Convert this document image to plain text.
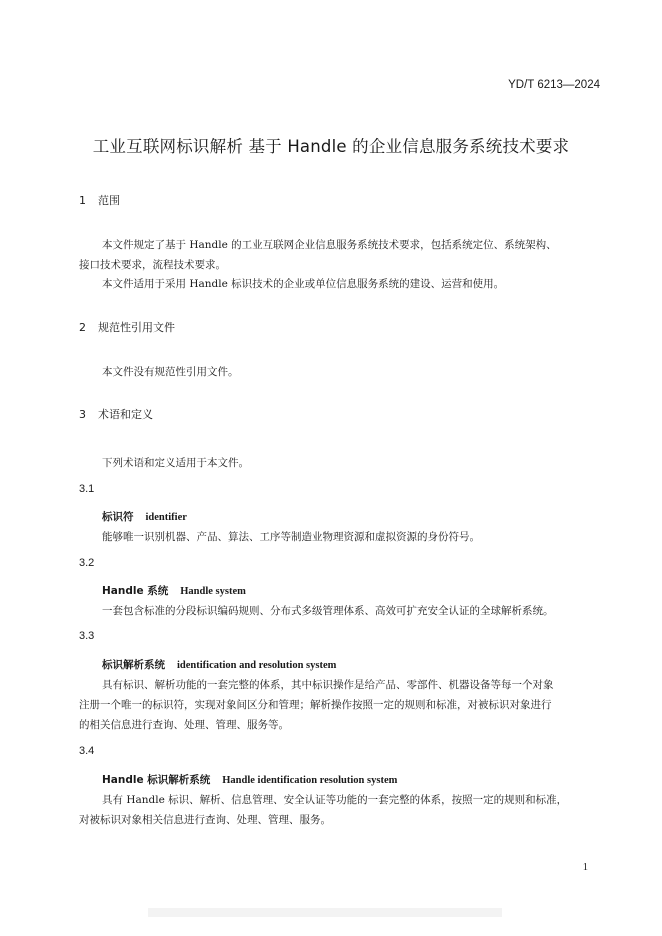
YD/T 6213—2024
工业互联网标识解析 基于 Handle 的企业信息服务系统技术要求
1 范围
本文件规定了基于 Handle 的工业互联网企业信息服务系统技术要求，包括系统定位、系统架构、
接口技术要求，流程技术要求。
本文件适用于采用 Handle 标识技术的企业或单位信息服务系统的建设、运营和使用。
2 规范性引用文件
本文件没有规范性引用文件。
3 术语和定义
下列术语和定义适用于本文件。
3.1
标识符 identifier
能够唯一识别机器、产品、算法、工序等制造业物理资源和虚拟资源的身份符号。
3.2
Handle 系统 Handle system
一套包含标准的分段标识编码规则、分布式多级管理体系、高效可扩充安全认证的全球解析系统。
3.3
标识解析系统 identification and resolution system
具有标识、解析功能的一套完整的体系，其中标识操作是给产品、零部件、机器设备等每一个对象
注册一个唯一的标识符，实现对象间区分和管理；解析操作按照一定的规则和标准，对被标识对象进行
的相关信息进行查询、处理、管理、服务等。
3.4
Handle 标识解析系统 Handle identification resolution system
具有 Handle 标识、解析、信息管理、安全认证等功能的一套完整的体系，按照一定的规则和标准，
对被标识对象相关信息进行查询、处理、管理、服务。
1
